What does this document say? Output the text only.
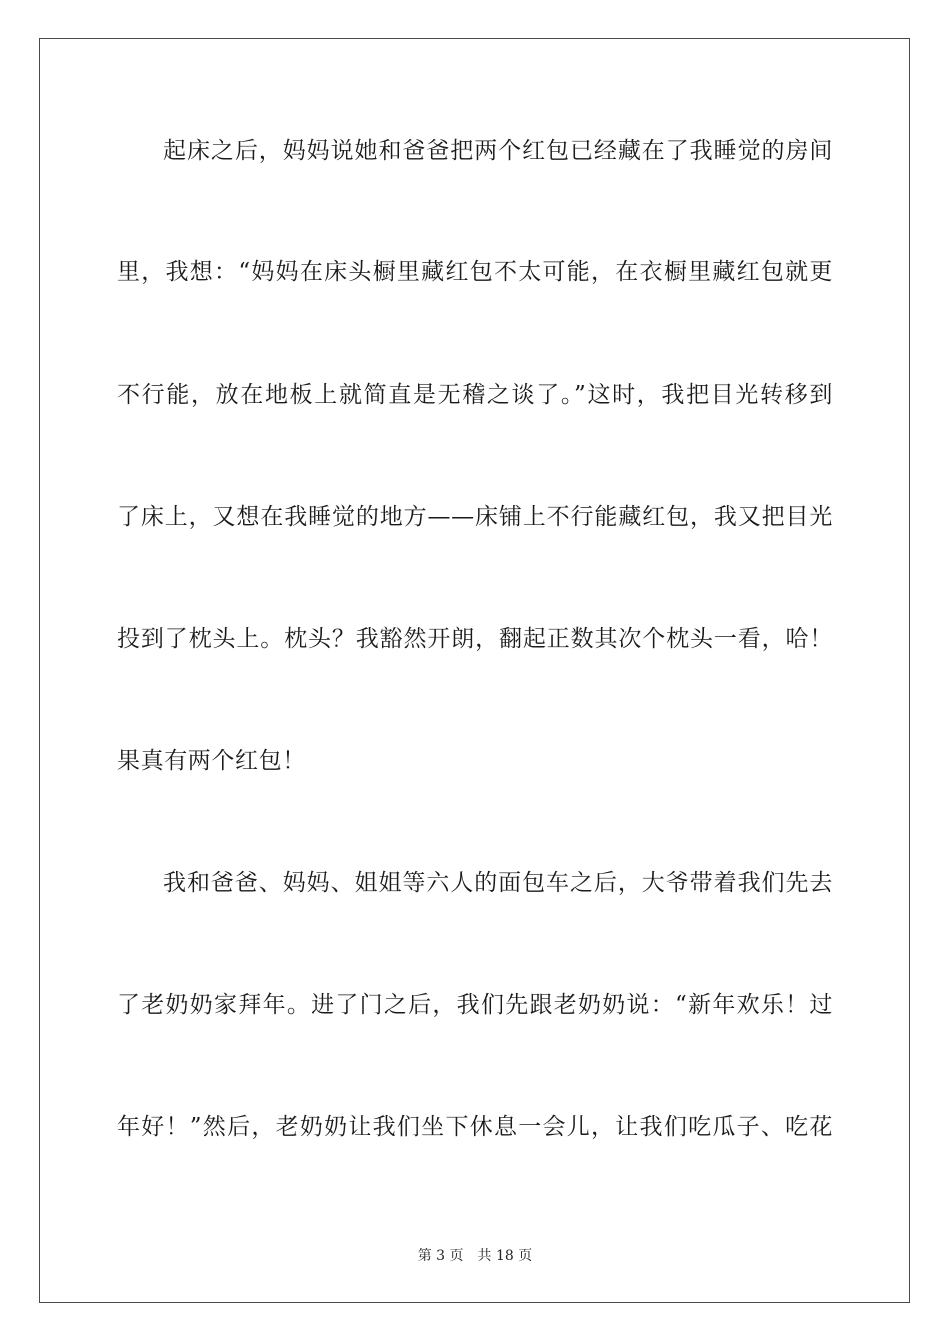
起床之后，妈妈说她和爸爸把两个红包已经藏在了我睡觉的房间
里，我想：“妈妈在床头橱里藏红包不太可能，在衣橱里藏红包就更
不行能，放在地板上就简直是无稽之谈了。”这时，我把目光转移到
了床上，又想在我睡觉的地方——床铺上不行能藏红包，我又把目光
投到了枕头上。枕头？我豁然开朗，翻起正数其次个枕头一看，哈！
果真有两个红包！
我和爸爸、妈妈、姐姐等六人的面包车之后，大爷带着我们先去
了老奶奶家拜年。进了门之后，我们先跟老奶奶说：“新年欢乐！过
年好！”然后，老奶奶让我们坐下休息一会儿，让我们吃瓜子、吃花
第 3 页 共 18 页
